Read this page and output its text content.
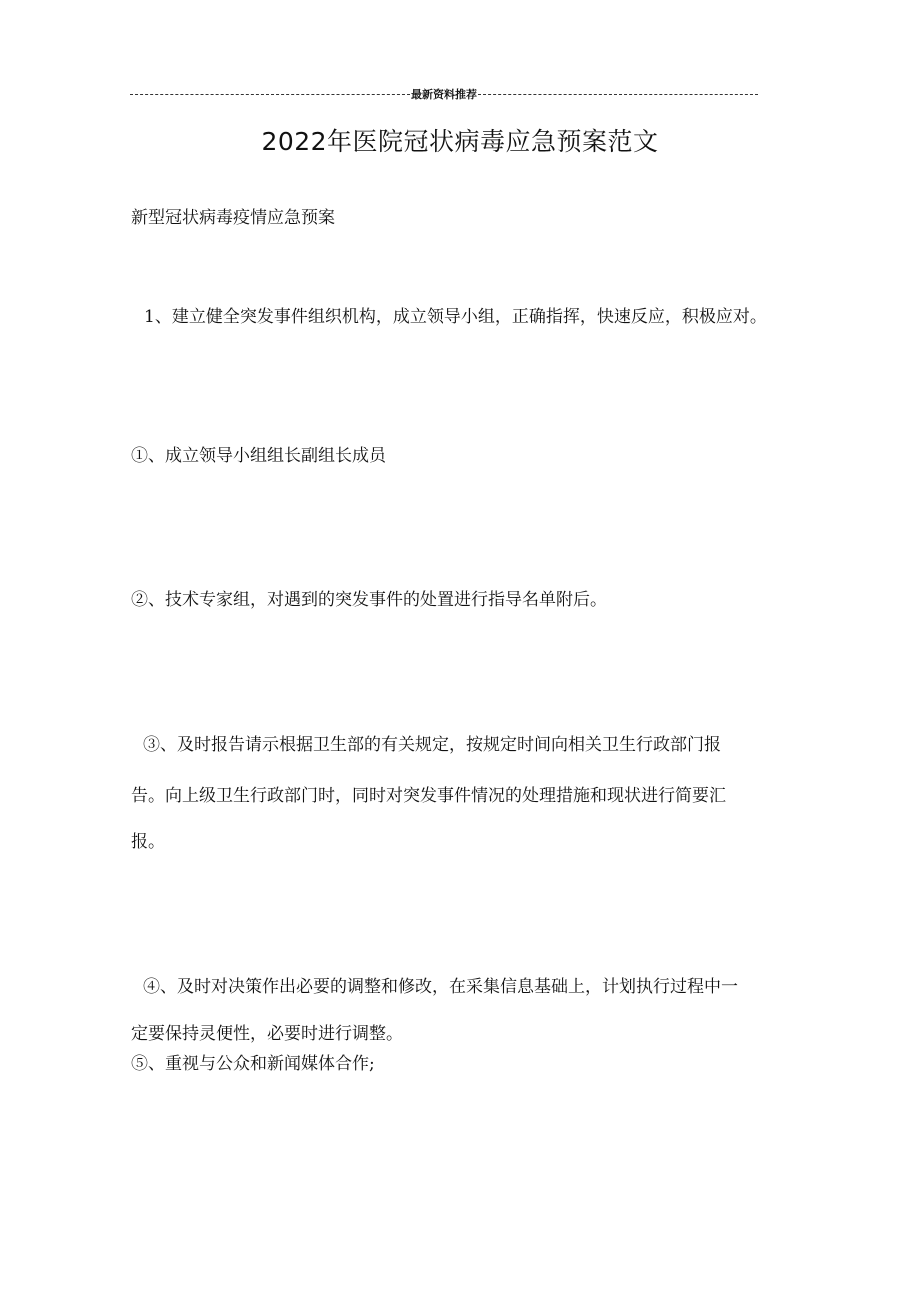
最新资料推荐
2022年医院冠状病毒应急预案范文
新型冠状病毒疫情应急预案
1、建立健全突发事件组织机构，成立领导小组，正确指挥，快速反应，积极应对。
①、成立领导小组组长副组长成员
②、技术专家组，对遇到的突发事件的处置进行指导名单附后。
③、及时报告请示根据卫生部的有关规定，按规定时间向相关卫生行政部门报
告。向上级卫生行政部门时，同时对突发事件情况的处理措施和现状进行简要汇
报。
④、及时对决策作出必要的调整和修改，在采集信息基础上，计划执行过程中一
定要保持灵便性，必要时进行调整。
⑤、重视与公众和新闻媒体合作;
